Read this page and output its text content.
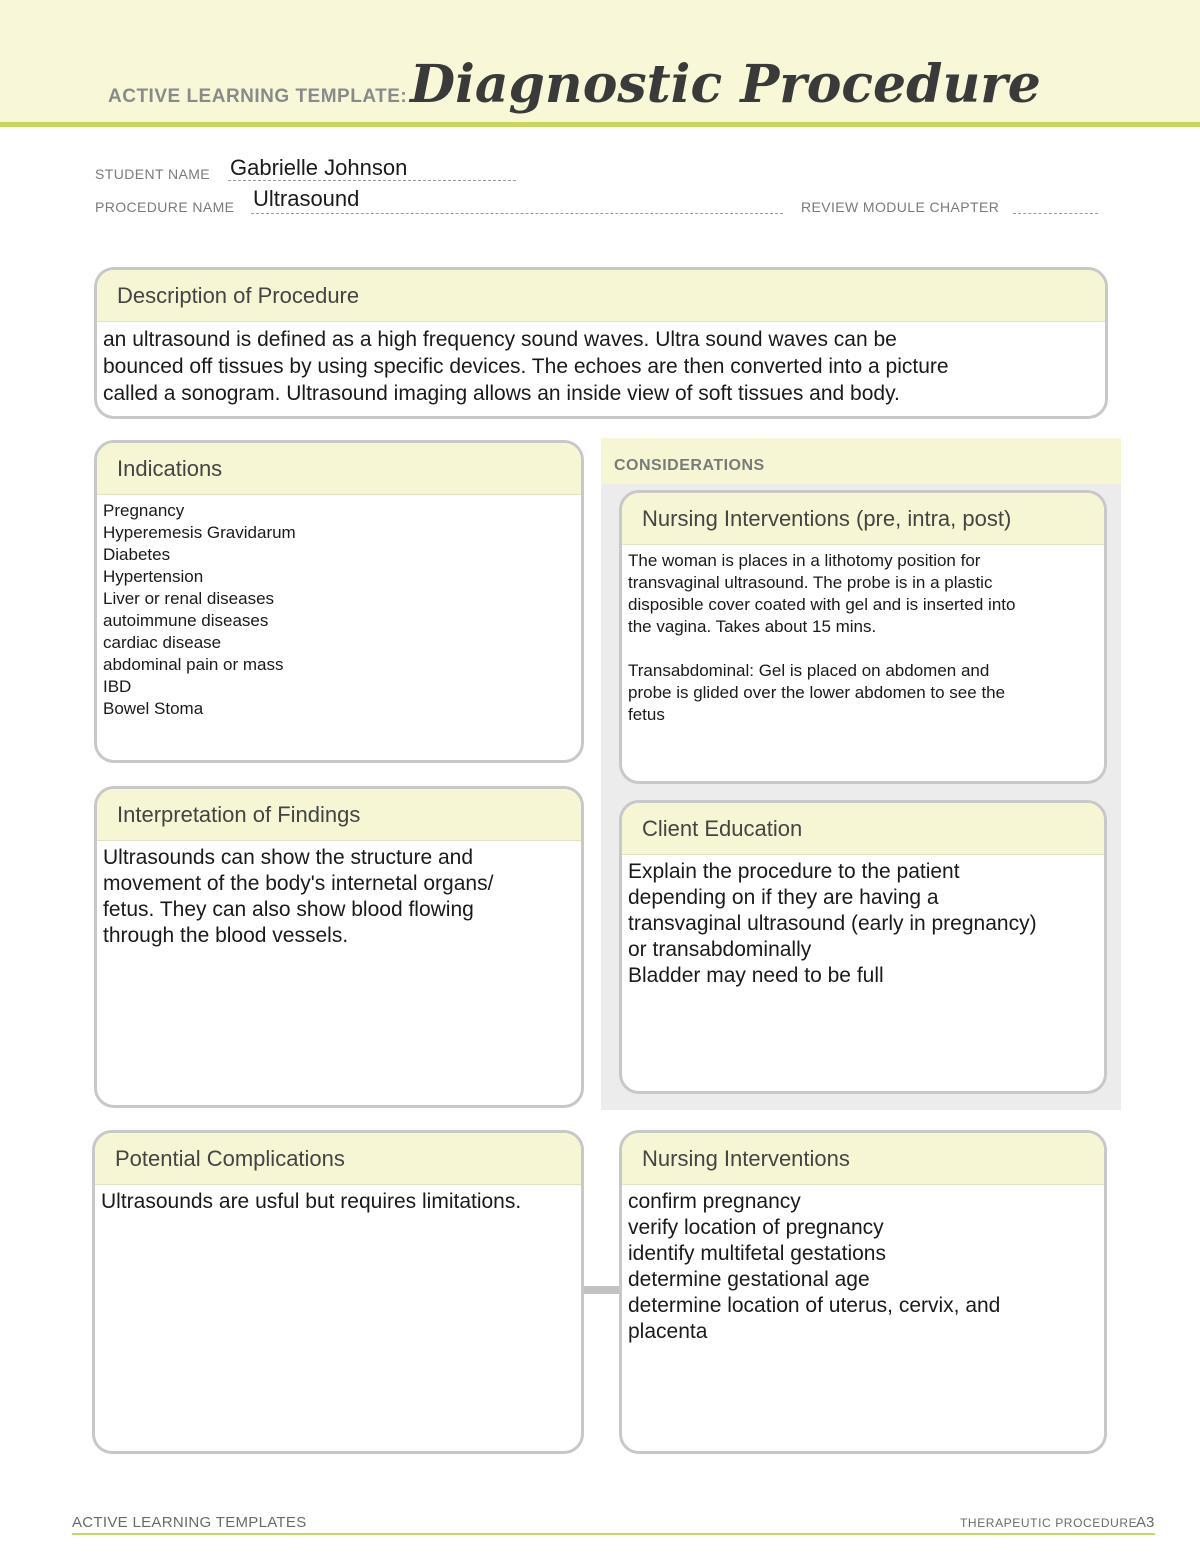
ACTIVE LEARNING TEMPLATE: Diagnostic Procedure
STUDENT NAME Gabrielle Johnson
PROCEDURE NAME Ultrasound	REVIEW MODULE CHAPTER
Description of Procedure
an ultrasound is defined as a high frequency sound waves. Ultra sound waves can be
bounced off tissues by using specific devices. The echoes are then converted into a picture
called a sonogram. Ultrasound imaging allows an inside view of soft tissues and body.
Indications
Pregnancy
Hyperemesis Gravidarum
Diabetes
Hypertension
Liver or renal diseases
autoimmune diseases
cardiac disease
abdominal pain or mass
IBD
Bowel Stoma
CONSIDERATIONS
Nursing Interventions (pre, intra, post)
The woman is places in a lithotomy position for
transvaginal ultrasound. The probe is in a plastic
disposible cover coated with gel and is inserted into
the vagina. Takes about 15 mins.

Transabdominal: Gel is placed on abdomen and
probe is glided over the lower abdomen to see the
fetus
Client Education
Explain the procedure to the patient
depending on if they are having a
transvaginal ultrasound (early in pregnancy)
or transabdominally
Bladder may need to be full
Interpretation of Findings
Ultrasounds can show the structure and
movement of the body's internetal organs/
fetus. They can also show blood flowing
through the blood vessels.
Potential Complications
Ultrasounds are usful but requires limitations.
Nursing Interventions
confirm pregnancy
verify location of pregnancy
identify multifetal gestations
determine gestational age
determine location of uterus, cervix, and
placenta
ACTIVE LEARNING TEMPLATES	THERAPEUTIC PROCEDURE
A3
